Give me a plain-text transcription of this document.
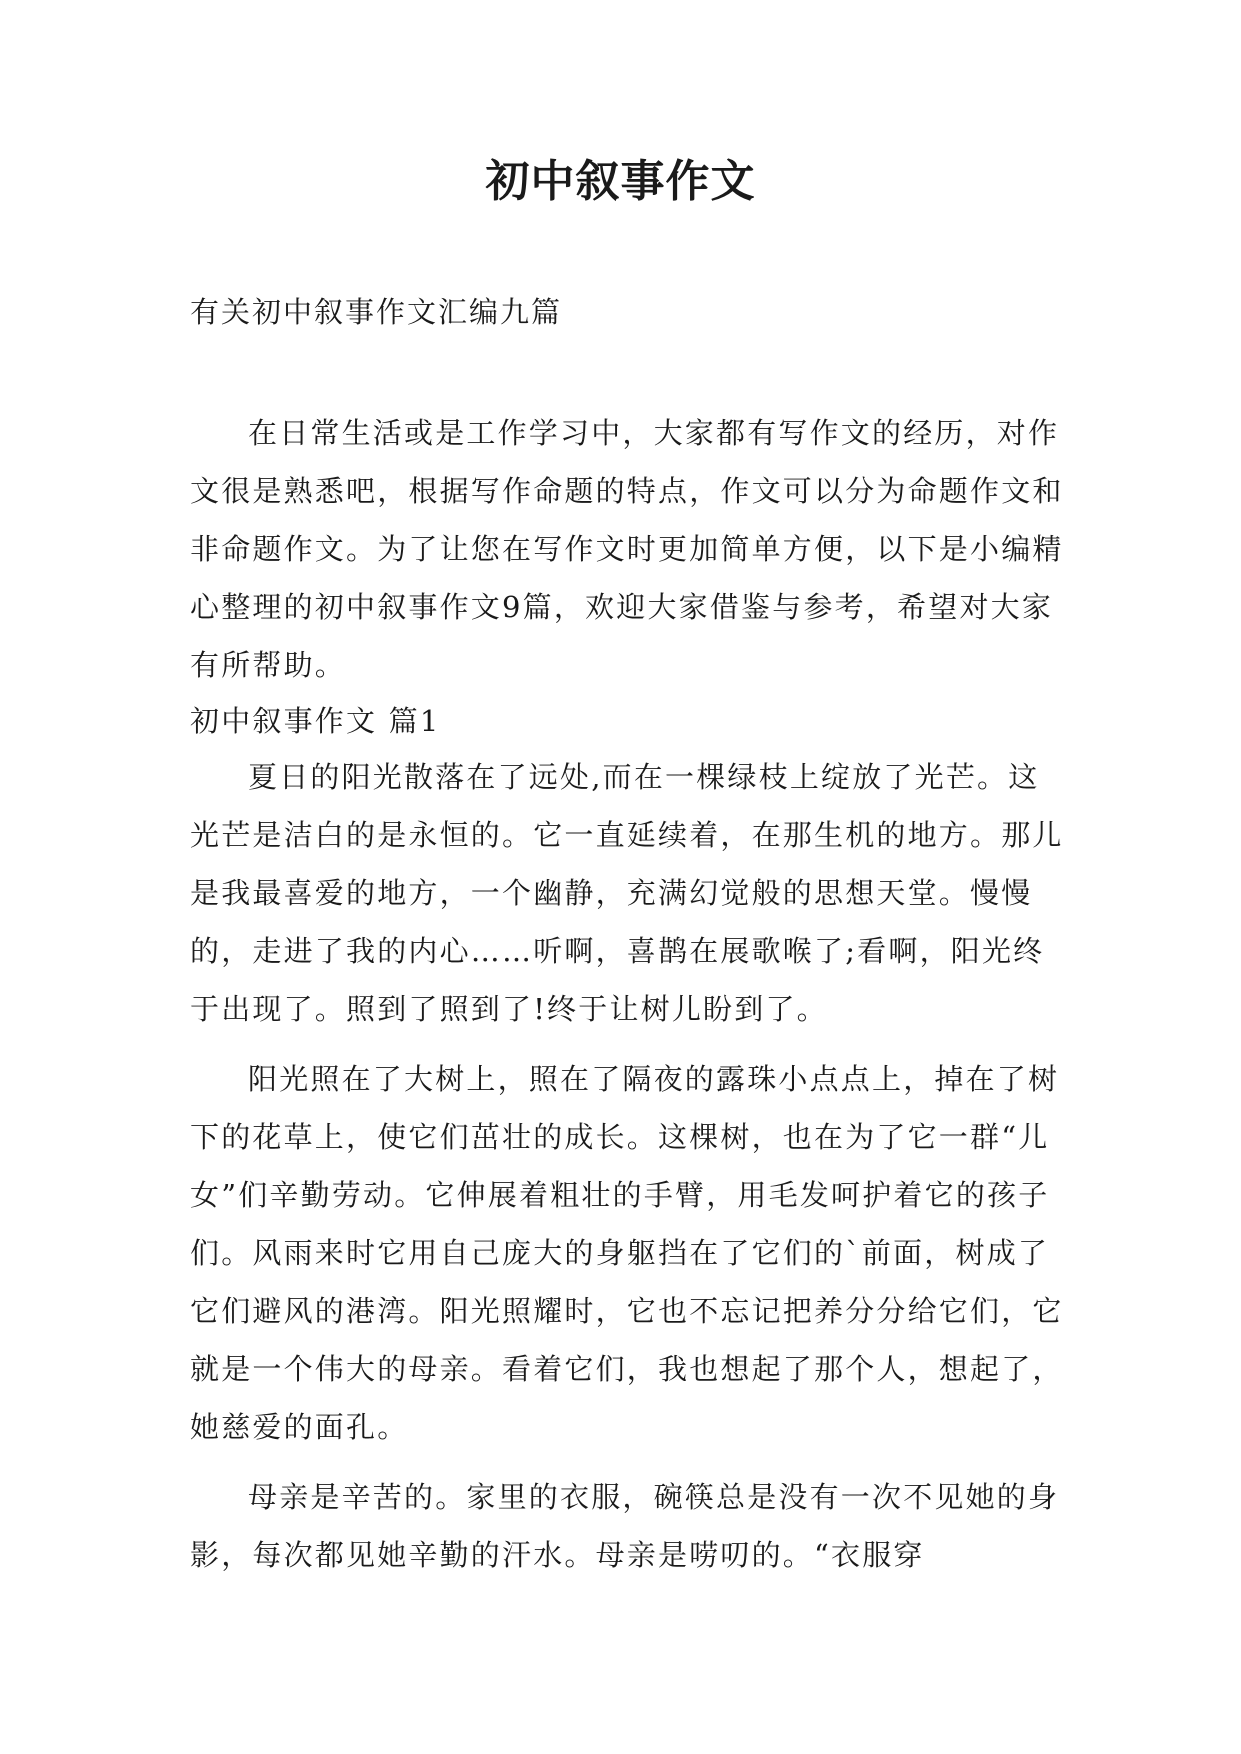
初中叙事作文

有关初中叙事作文汇编九篇

在日常生活或是工作学习中，大家都有写作文的经历，对作文很是熟悉吧，根据写作命题的特点，作文可以分为命题作文和非命题作文。为了让您在写作文时更加简单方便，以下是小编精心整理的初中叙事作文9篇，欢迎大家借鉴与参考，希望对大家有所帮助。

初中叙事作文 篇1

夏日的阳光散落在了远处,而在一棵绿枝上绽放了光芒。这光芒是洁白的是永恒的。它一直延续着，在那生机的地方。那儿是我最喜爱的地方，一个幽静，充满幻觉般的思想天堂。慢慢的，走进了我的内心……听啊，喜鹊在展歌喉了;看啊，阳光终于出现了。照到了照到了!终于让树儿盼到了。

阳光照在了大树上，照在了隔夜的露珠小点点上，掉在了树下的花草上，使它们茁壮的成长。这棵树，也在为了它一群“儿女”们辛勤劳动。它伸展着粗壮的手臂，用毛发呵护着它的孩子们。风雨来时它用自己庞大的身躯挡在了它们的`前面，树成了它们避风的港湾。阳光照耀时，它也不忘记把养分分给它们，它就是一个伟大的母亲。看着它们，我也想起了那个人，想起了，她慈爱的面孔。

母亲是辛苦的。家里的衣服，碗筷总是没有一次不见她的身影，每次都见她辛勤的汗水。母亲是唠叨的。“衣服穿
